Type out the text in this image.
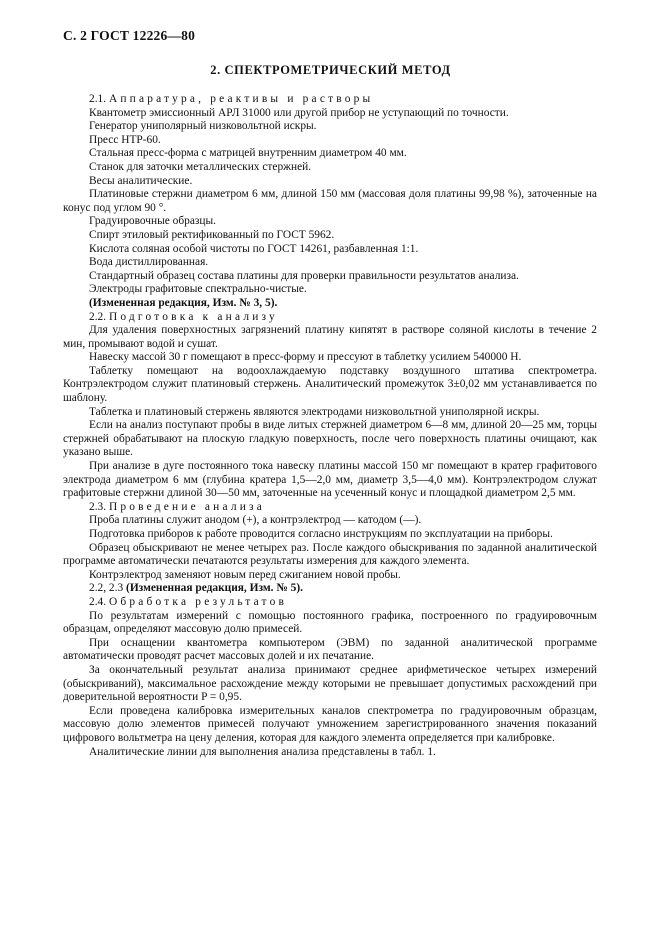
С. 2 ГОСТ 12226—80
2. СПЕКТРОМЕТРИЧЕСКИЙ МЕТОД

2.1. Аппаратура, реактивы и растворы

Квантометр эмиссионный АРЛ 31000 или другой прибор не уступающий по точности.

Генератор униполярный низковольтной искры.

Пресс НТР-60.

Стальная пресс-форма с матрицей внутренним диаметром 40 мм.

Станок для заточки металлических стержней.

Весы аналитические.

Платиновые стержни диаметром 6 мм, длиной 150 мм (массовая доля платины 99,98 %), заточенные на конус под углом 90 °.

Градуировочные образцы.

Спирт этиловый ректификованный по ГОСТ 5962.

Кислота соляная особой чистоты по ГОСТ 14261, разбавленная 1:1.

Вода дистиллированная.

Стандартный образец состава платины для проверки правильности результатов анализа.

Электроды графитовые спектрально-чистые.

(Измененная редакция, Изм. № 3, 5).

2.2. Подготовка к анализу

Для удаления поверхностных загрязнений платину кипятят в растворе соляной кислоты в течение 2 мин, промывают водой и сушат.

Навеску массой 30 г помещают в пресс-форму и прессуют в таблетку усилием 540000 Н.

Таблетку помещают на водоохлаждаемую подставку воздушного штатива спектрометра. Контрэлектродом служит платиновый стержень. Аналитический промежуток 3±0,02 мм устанавливается по шаблону.

Таблетка и платиновый стержень являются электродами низковольтной униполярной искры.

Если на анализ поступают пробы в виде литых стержней диаметром 6—8 мм, длиной 20—25 мм, торцы стержней обрабатывают на плоскую гладкую поверхность, после чего поверхность платины очищают, как указано выше.

При анализе в дуге постоянного тока навеску платины массой 150 мг помещают в кратер графитового электрода диаметром 6 мм (глубина кратера 1,5—2,0 мм, диаметр 3,5—4,0 мм). Контрэлектродом служат графитовые стержни длиной 30—50 мм, заточенные на усеченный конус и площадкой диаметром 2,5 мм.

2.3. Проведение анализа

Проба платины служит анодом (+), а контрэлектрод — катодом (—).

Подготовка приборов к работе проводится согласно инструкциям по эксплуатации на приборы.

Образец обыскривают не менее четырех раз. После каждого обыскривания по заданной аналитической программе автоматически печатаются результаты измерения для каждого элемента.

Контрэлектрод заменяют новым перед сжиганием новой пробы.

2.2, 2.3 (Измененная редакция, Изм. № 5).

2.4. Обработка результатов

По результатам измерений с помощью постоянного графика, построенного по градуировочным образцам, определяют массовую долю примесей.

При оснащении квантометра компьютером (ЭВМ) по заданной аналитической программе автоматически проводят расчет массовых долей и их печатание.

За окончательный результат анализа принимают среднее арифметическое четырех измерений (обыскриваний), максимальное расхождение между которыми не превышает допустимых расхождений при доверительной вероятности P = 0,95.

Если проведена калибровка измерительных каналов спектрометра по градуировочным образцам, массовую долю элементов примесей получают умножением зарегистрированного значения показаний цифрового вольтметра на цену деления, которая для каждого элемента определяется при калибровке.

Аналитические линии для выполнения анализа представлены в табл. 1.
